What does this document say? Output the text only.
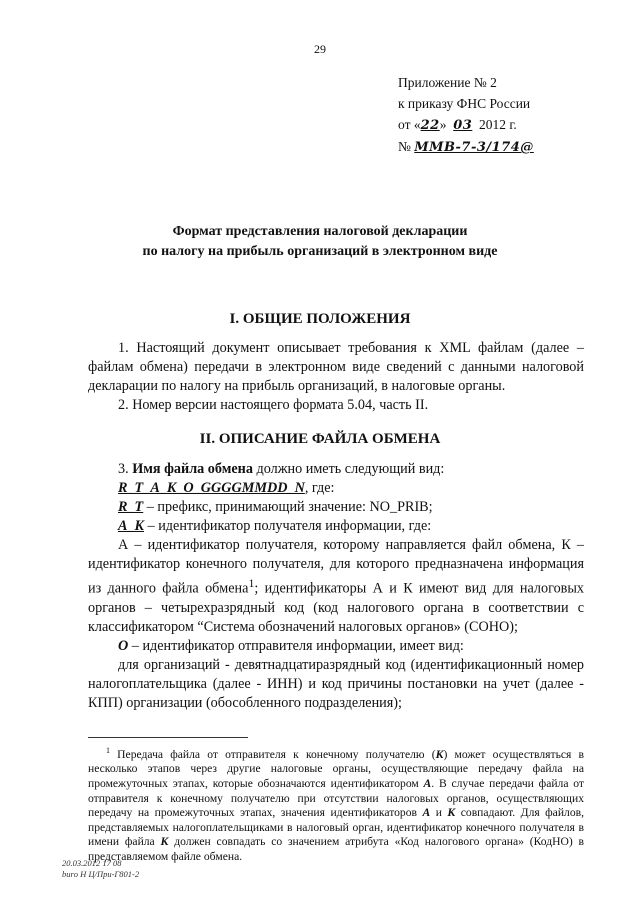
29
Приложение № 2
к приказу ФНС России
от «22» 03 2012 г.
№ ММВ-7-3/174@
Формат представления налоговой декларации
по налогу на прибыль организаций в электронном виде
I. ОБЩИЕ ПОЛОЖЕНИЯ

1. Настоящий документ описывает требования к XML файлам (далее – файлам обмена) передачи в электронном виде сведений с данными налоговой декларации по налогу на прибыль организаций, в налоговые органы.

2. Номер версии настоящего формата 5.04, часть II.

II. ОПИСАНИЕ ФАЙЛА ОБМЕНА

3. Имя файла обмена должно иметь следующий вид:

R_T_A_K_O_GGGGMMDD_N, где:

R_T – префикс, принимающий значение: NO_PRIB;

A_K – идентификатор получателя информации, где:

А – идентификатор получателя, которому направляется файл обмена, К – идентификатор конечного получателя, для которого предназначена информация из данного файла обмена$^1$; идентификаторы А и К имеют вид для налоговых органов – четырехразрядный код (код налогового органа в соответствии с классификатором “Система обозначений налоговых органов» (СОНО);

O – идентификатор отправителя информации, имеет вид:

для организаций - девятнадцатиразрядный код (идентификационный номер налогоплательщика (далее - ИНН) и код причины постановки на учет (далее - КПП) организации (обособленного подразделения);

$^1$ Передача файла от отправителя к конечному получателю (К) может осуществляться в несколько этапов через другие налоговые органы, осуществляющие передачу файла на промежуточных этапах, которые обозначаются идентификатором А. В случае передачи файла от отправителя к конечному получателю при отсутствии налоговых органов, осуществляющих передачу на промежуточных этапах, значения идентификаторов А и К совпадают. Для файлов, представляемых налогоплательщиками в налоговый орган, идентификатор конечного получателя в имени файла К должен совпадать со значением атрибута «Код налогового органа» (КодНО) в представляемом файле обмена.

20.03.2012 17 08
bиrо Н Ц/При-Г801-2
